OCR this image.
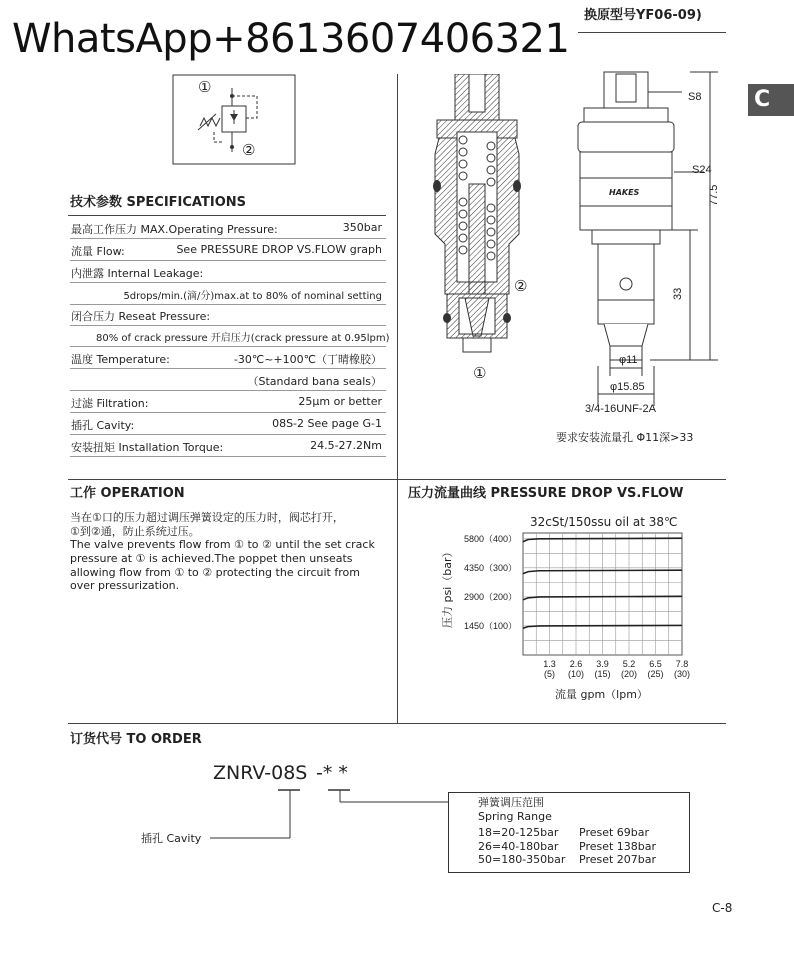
WhatsApp+8613607406321
换原型号YF06-09)
C
①
②
技术参数 SPECIFICATIONS
最高工作压力 MAX.Operating Pressure:	350bar
流量 Flow:	See PRESSURE DROP VS.FLOW graph
内泄露 Internal Leakage:
5drops/min.(滴/分)max.at to 80% of nominal setting
闭合压力 Reseat Pressure:
80% of crack pressure 开启压力(crack pressure at 0.95lpm)
温度 Temperature:	-30℃~+100℃（丁晴橡胶）
（Standard bana seals）
过滤 Filtration:	25μm or better
插孔 Cavity:	08S-2 See page G-1
安装扭矩 Installation Torque:	24.5-27.2Nm
②
①
S8
S24
77.5
33
HAKES
φ11
φ15.85
3/4-16UNF-2A
要求安装流量孔 Φ11深>33
工作 OPERATION
当在①口的压力超过调压弹簧设定的压力时，阀芯打开，
①到②通，防止系统过压。
The valve prevents flow from ① to ② until the set crack
pressure at ① is achieved.The poppet then unseats
allowing flow from ① to ② protecting the circuit from
over pressurization.
压力流量曲线 PRESSURE DROP VS.FLOW
32cSt/150ssu oil at 38℃
压力 psi（bar）
流量 gpm（lpm）
5800（400）
4350（300）
2900（200）
1450（100）
1.3
(5)
2.6
(10)
3.9
(15)
5.2
(20)
6.5
(25)
7.8
(30)
订货代号 TO ORDER
ZNRV-08S -* *
插孔 Cavity
弹簧调压范围
Spring Range
18=20-125bar Preset 69bar
26=40-180bar Preset 138bar
50=180-350bar Preset 207bar
C-8
